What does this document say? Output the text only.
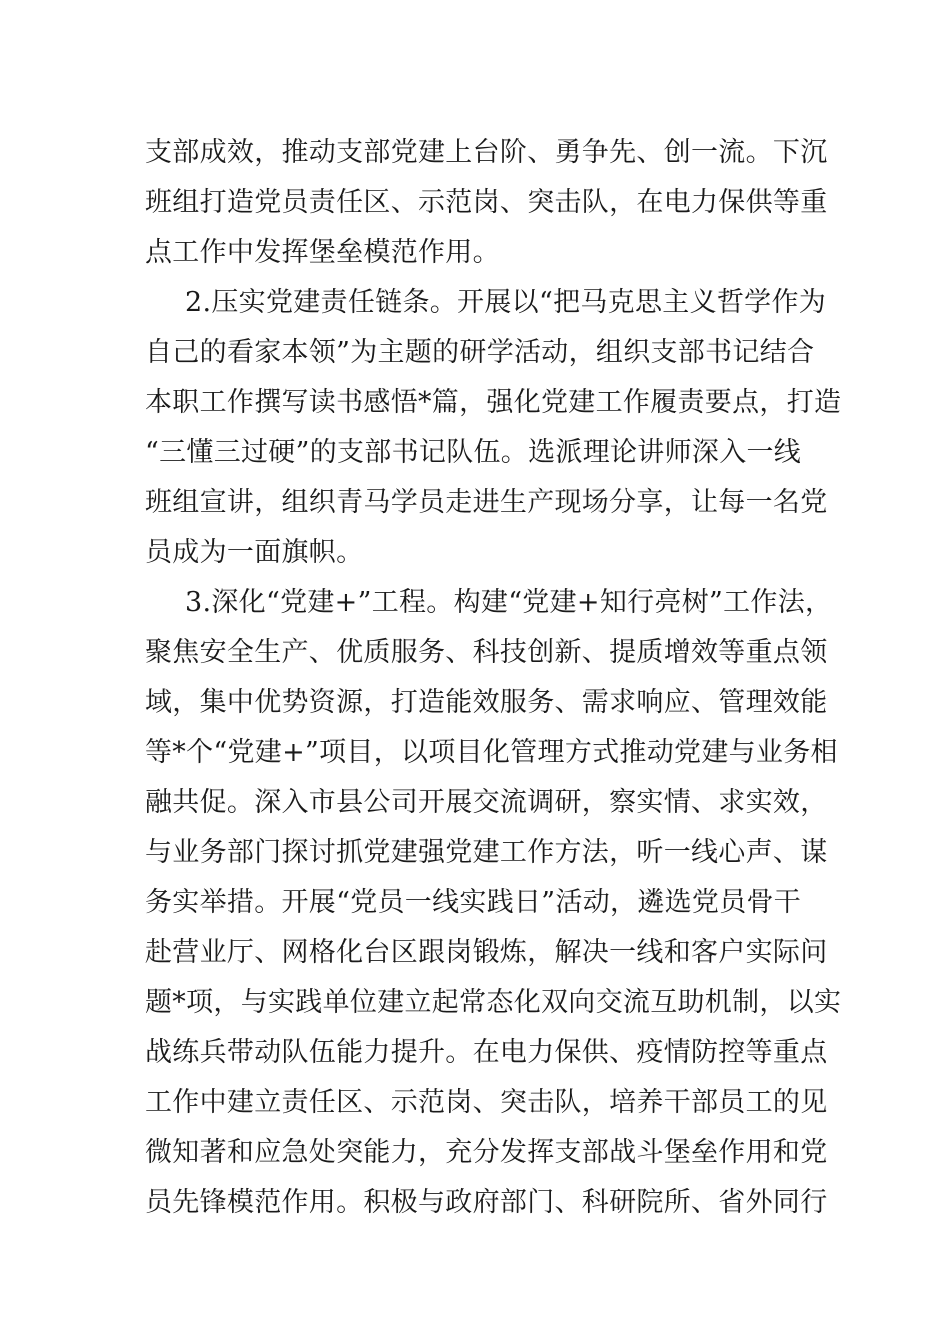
支部成效，推动支部党建上台阶、勇争先、创一流。下沉
班组打造党员责任区、示范岗、突击队，在电力保供等重
点工作中发挥堡垒模范作用。
2.压实党建责任链条。开展以“把马克思主义哲学作为
自己的看家本领”为主题的研学活动，组织支部书记结合
本职工作撰写读书感悟*篇，强化党建工作履责要点，打造
“三懂三过硬”的支部书记队伍。选派理论讲师深入一线
班组宣讲，组织青马学员走进生产现场分享，让每一名党
员成为一面旗帜。
3.深化“党建+”工程。构建“党建+知行亮树”工作法，
聚焦安全生产、优质服务、科技创新、提质增效等重点领
域，集中优势资源，打造能效服务、需求响应、管理效能
等*个“党建+”项目，以项目化管理方式推动党建与业务相
融共促。深入市县公司开展交流调研，察实情、求实效，
与业务部门探讨抓党建强党建工作方法，听一线心声、谋
务实举措。开展“党员一线实践日”活动，遴选党员骨干
赴营业厅、网格化台区跟岗锻炼，解决一线和客户实际问
题*项，与实践单位建立起常态化双向交流互助机制，以实
战练兵带动队伍能力提升。在电力保供、疫情防控等重点
工作中建立责任区、示范岗、突击队，培养干部员工的见
微知著和应急处突能力，充分发挥支部战斗堡垒作用和党
员先锋模范作用。积极与政府部门、科研院所、省外同行
